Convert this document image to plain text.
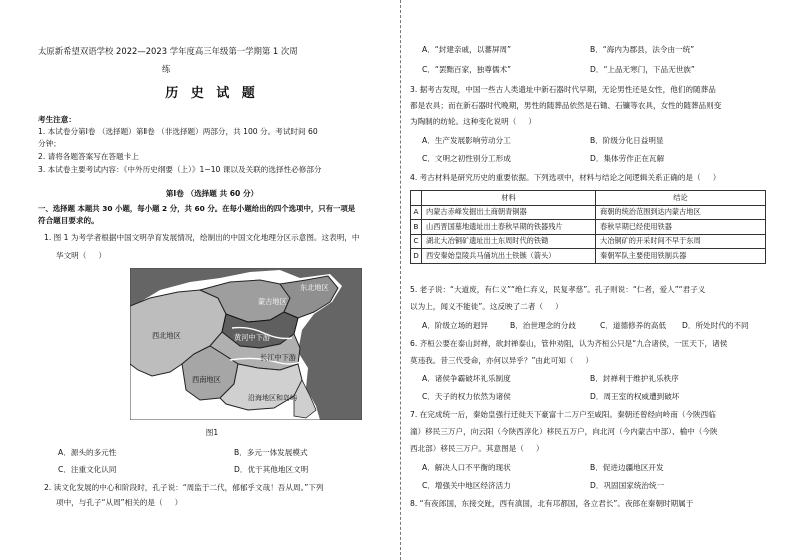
太原新希望双语学校 2022—2023 学年度高三年级第一学期第 1 次周
练
历 史 试 题
考生注意：
1. 本试卷分第Ⅰ卷 （选择题）第Ⅱ卷 （非选择题）两部分，共 100 分。考试时间 60
分钟；
2. 请将各题答案写在答题卡上
3. 本试卷主要考试内容：《中外历史纲要（上）》1~10 课以及关联的选择性必修部分
第Ⅰ卷 （选择题 共 60 分）
一、选择题 本题共 30 小题，每小题 2 分，共 60 分。在每小题给出的四个选项中，只有一项是
符合题目要求的。
1. 图 1 为考学者根据中国文明孕育发展情况，绘制出的中国文化地理分区示意图。这表明，中
华文明（     ）
蒙古地区
东北地区
西北地区	黄河中下游
长江中下游
西南地区
沿海地区和岛屿
图1
A．源头的多元性	B．多元一体发展模式
C．注重文化认同	D．优于其他地区文明
2. 读文化发展的中心和阶段时，孔子说：“周监于二代，郁郁乎文哉！吾从周。”下列
项中，与孔子“从周”相关的是（     ）
A．“封建亲戚，以蕃屏周”	B．“海内为郡县，法令由一统”
C．“罢黜百家，独尊儒术”	D．“上品无寒门，下品无世族”
3. 据考古发现，中国一些古人类遗址中新石器时代早期，无论男性还是女性，他们的随葬品
都是农具；而在新石器时代晚期，男性的随葬品依然是石锄、石镰等农具，女性的随葬品则变
为陶制的纺轮。这种变化说明（     ）
A．生产发展影响劳动分工	B．阶级分化日益明显
C．文明之初性别分工形成	D．集体劳作正在瓦解
4. 考古材料是研究历史的重要依据。下列选项中，材料与结论之间逻辑关系正确的是（     ）
	材料	结论
A	内蒙古赤峰发掘出土商朝青铜器	商朝的统治范围到达内蒙古地区
B	山西晋国墓地遗址出土春秋早期的铁器残片	春秋早期已经使用铁器
C	湖北大冶铜矿遗址出土东周时代的铁锄	大冶铜矿的开采时间不早于东周
D	西安秦始皇陵兵马俑坑出土铁镞（箭头）	秦朝军队主要使用铁制兵器
5. 老子说：“大道废，有仁义”“绝仁弃义，民复孝慈”。孔子则说：“仁者，爱人”“君子义
以为上，闻义不能徙”。这反映了二者（     ）
A．阶级立场的迥异	B．治世理念的分歧	C．道德修养的高低 D．所处时代的不同
6. 齐桓公要在泰山封禅，欲封禅泰山，管仲劝阻，认为齐桓公只是“九合诸侯，一匡天下，诸侯
莫违我。昔三代受命，亦何以异乎？”由此可知（     ）
A．诸侯争霸破坏礼乐制度	B．封禅利于维护礼乐秩序
C．天子的权力依然为诸侯	D．周王室的权威遭到破坏
7. 在完成统一后，秦始皇强行迁徙天下豪富十二万户至咸阳。秦朝还曾经向岭南（今陕西临
潼）移民三万户，向云阳（今陕西淳化）移民五万户，向北河（今内蒙古中部）、榆中（今陕
西北部）移民三万户。其意图是（     ）
A．解决人口不平衡的现状	B．促进边疆地区开发
C．增强关中地区经济活力	D．巩固国家统治统一
8. “有夜郎国，东接交趾，西有滇国，北有邛都国，各立君长”。夜郎在秦朝时期属于
